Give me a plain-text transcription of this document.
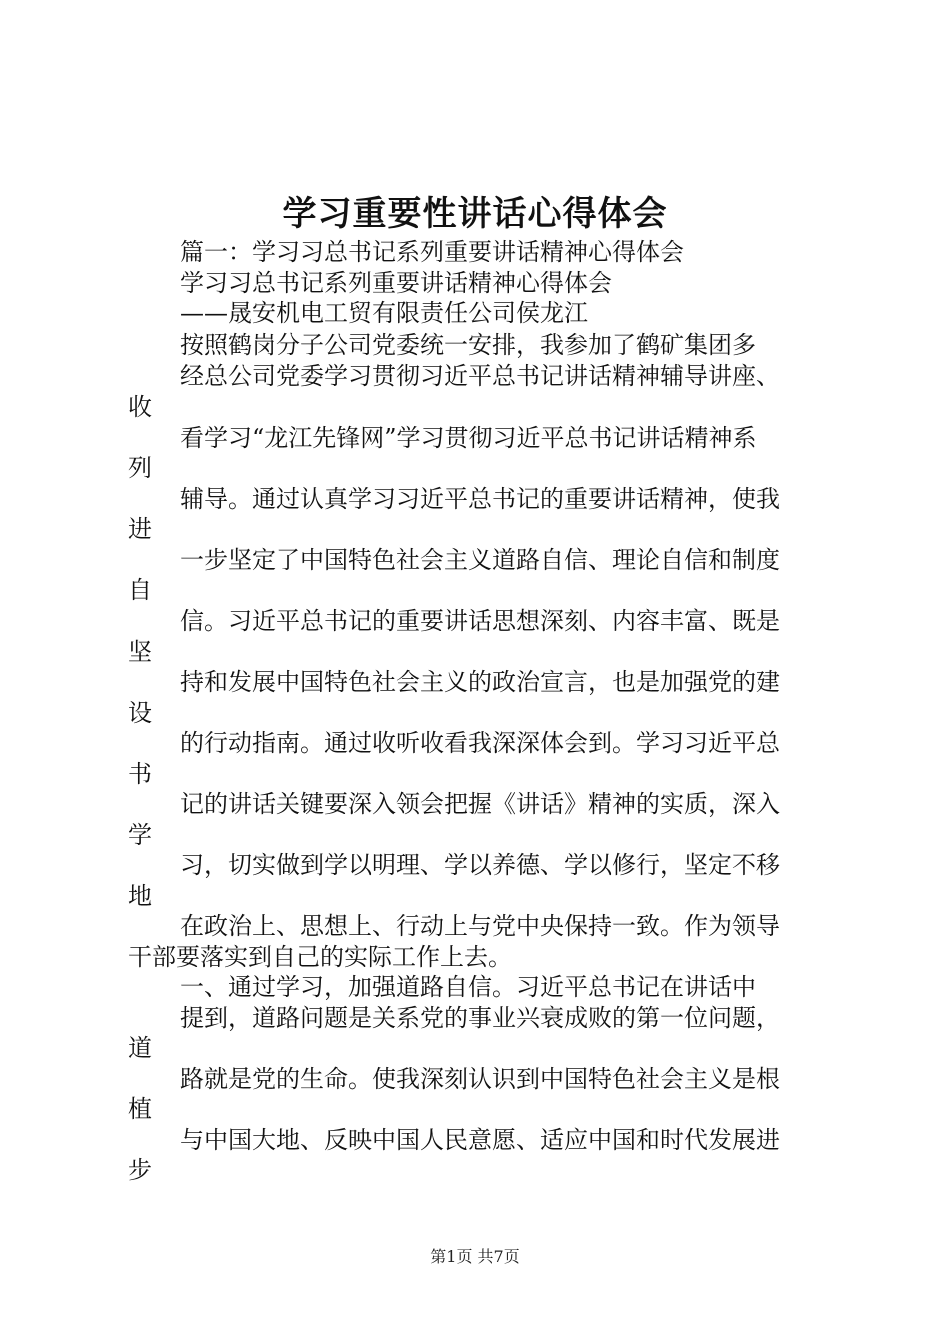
学习重要性讲话心得体会
篇一：学习习总书记系列重要讲话精神心得体会
学习习总书记系列重要讲话精神心得体会
——晟安机电工贸有限责任公司侯龙江
按照鹤岗分子公司党委统一安排，我参加了鹤矿集团多
经总公司党委学习贯彻习近平总书记讲话精神辅导讲座、
收
看学习“龙江先锋网”学习贯彻习近平总书记讲话精神系
列
辅导。通过认真学习习近平总书记的重要讲话精神，使我
进
一步坚定了中国特色社会主义道路自信、理论自信和制度
自
信。习近平总书记的重要讲话思想深刻、内容丰富、既是
坚
持和发展中国特色社会主义的政治宣言，也是加强党的建
设
的行动指南。通过收听收看我深深体会到。学习习近平总
书
记的讲话关键要深入领会把握《讲话》精神的实质，深入
学
习，切实做到学以明理、学以养德、学以修行，坚定不移
地
在政治上、思想上、行动上与党中央保持一致。作为领导
干部要落实到自己的实际工作上去。
一、通过学习，加强道路自信。习近平总书记在讲话中
提到，道路问题是关系党的事业兴衰成败的第一位问题，
道
路就是党的生命。使我深刻认识到中国特色社会主义是根
植
与中国大地、反映中国人民意愿、适应中国和时代发展进
步
第1页 共7页
